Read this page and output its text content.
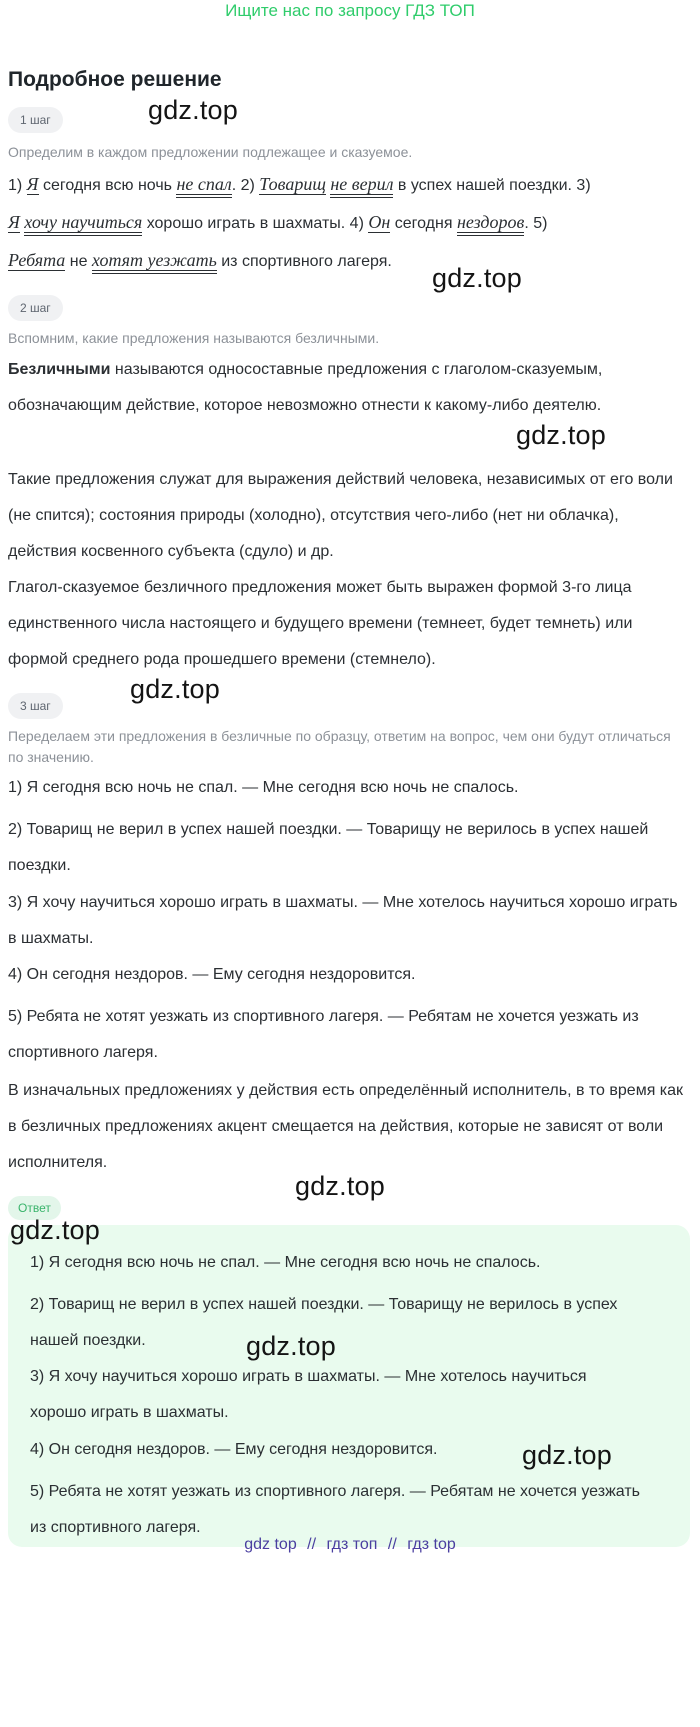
Ищите нас по запросу ГДЗ ТОП
Подробное решение
1 шаг	gdz.top
Определим в каждом предложении подлежащее и сказуемое.
1) Я сегодня всю ночь не спал. 2) Товарищ не верил в успех нашей поездки. 3)
Я хочу научиться хорошо играть в шахматы. 4) Он сегодня нездоров. 5)
Ребята не хотят уезжать из спортивного лагеря.
gdz.top
2 шаг
Вспомним, какие предложения называются безличными.
Безличными называются односоставные предложения с глаголом-сказуемым, обозначающим действие, которое невозможно отнести к какому-либо деятелю.
gdz.top
Такие предложения служат для выражения действий человека, независимых от его воли (не спится); состояния природы (холодно), отсутствия чего-либо (нет ни облачка), действия косвенного субъекта (сдуло) и др.
Глагол-сказуемое безличного предложения может быть выражен формой 3-го лица единственного числа настоящего и будущего времени (темнеет, будет темнеть) или формой среднего рода прошедшего времени (стемнело).
gdz.top
3 шаг
Переделаем эти предложения в безличные по образцу, ответим на вопрос, чем они будут отличаться по значению.
1) Я сегодня всю ночь не спал. — Мне сегодня всю ночь не спалось.
2) Товарищ не верил в успех нашей поездки. — Товарищу не верилось в успех нашей поездки.
3) Я хочу научиться хорошо играть в шахматы. — Мне хотелось научиться хорошо играть в шахматы.
4) Он сегодня нездоров. — Ему сегодня нездоровится.
5) Ребята не хотят уезжать из спортивного лагеря. — Ребятам не хочется уезжать из спортивного лагеря.
В изначальных предложениях у действия есть определённый исполнитель, в то время как в безличных предложениях акцент смещается на действия, которые не зависят от воли исполнителя.
gdz.top
Ответ
gdz.top
1) Я сегодня всю ночь не спал. — Мне сегодня всю ночь не спалось.
2) Товарищ не верил в успех нашей поездки. — Товарищу не верилось в успех нашей поездки.	gdz.top
3) Я хочу научиться хорошо играть в шахматы. — Мне хотелось научиться хорошо играть в шахматы.
4) Он сегодня нездоров. — Ему сегодня нездоровится.	gdz.top
5) Ребята не хотят уезжать из спортивного лагеря. — Ребятам не хочется уезжать из спортивного лагеря.
gdz top // гдз топ // гдз top
